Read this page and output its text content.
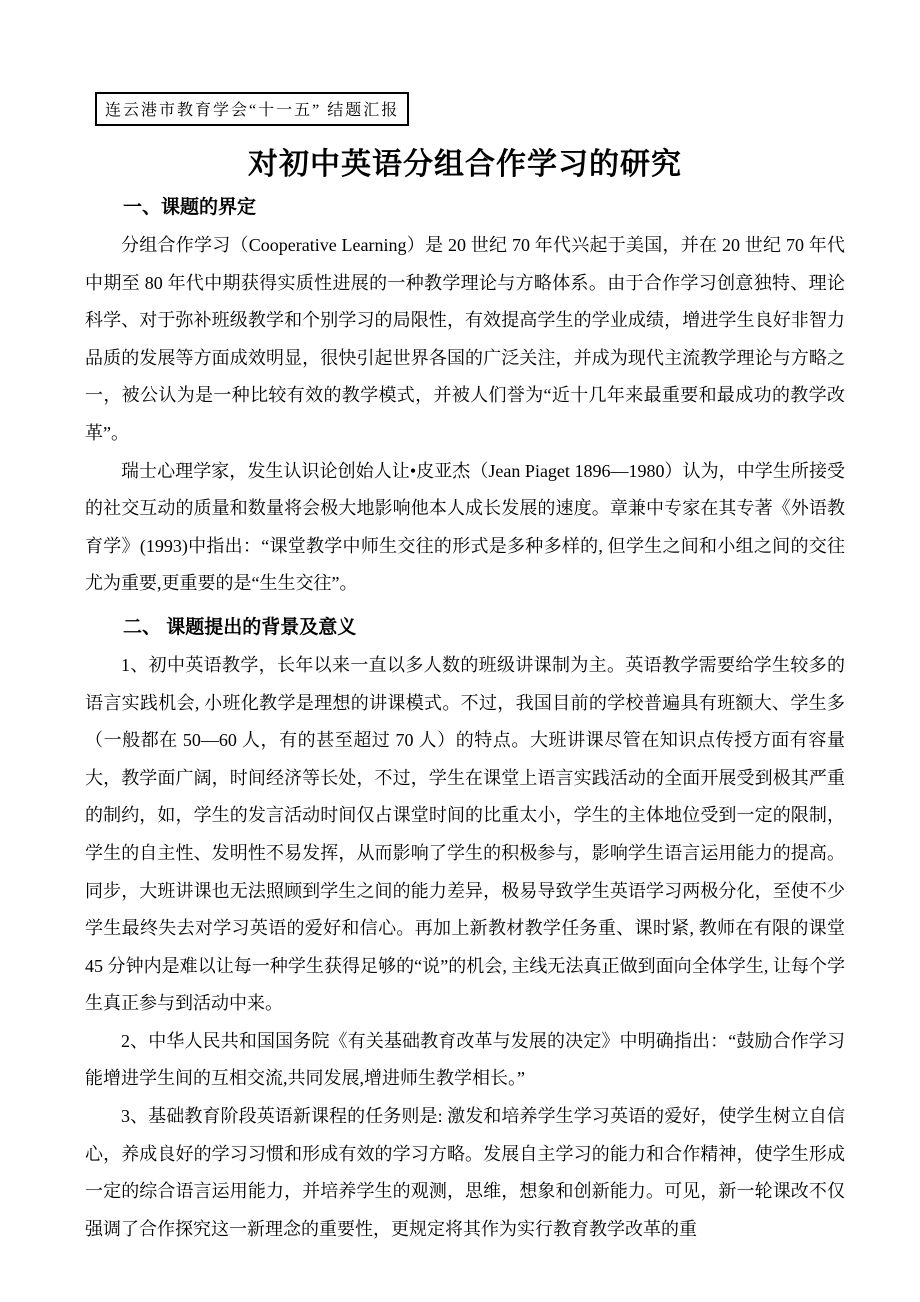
连云港市教育学会“十一五” 结题汇报
对初中英语分组合作学习的研究
一、课题的界定

分组合作学习（Cooperative Learning）是 20 世纪 70 年代兴起于美国，并在 20 世纪 70 年代中期至 80 年代中期获得实质性进展的一种教学理论与方略体系。由于合作学习创意独特、理论科学、对于弥补班级教学和个别学习的局限性，有效提高学生的学业成绩，增进学生良好非智力品质的发展等方面成效明显，很快引起世界各国的广泛关注，并成为现代主流教学理论与方略之一，被公认为是一种比较有效的教学模式，并被人们誉为“近十几年来最重要和最成功的教学改革”。

瑞士心理学家，发生认识论创始人让•皮亚杰（Jean Piaget 1896—1980）认为，中学生所接受的社交互动的质量和数量将会极大地影响他本人成长发展的速度。章兼中专家在其专著《外语教育学》(1993)中指出：“课堂教学中师生交往的形式是多种多样的, 但学生之间和小组之间的交往尤为重要,更重要的是“生生交往”。

二、 课题提出的背景及意义

1、初中英语教学，长年以来一直以多人数的班级讲课制为主。英语教学需要给学生较多的语言实践机会, 小班化教学是理想的讲课模式。不过，我国目前的学校普遍具有班额大、学生多（一般都在 50—60 人，有的甚至超过 70 人）的特点。大班讲课尽管在知识点传授方面有容量大，教学面广阔，时间经济等长处，不过，学生在课堂上语言实践活动的全面开展受到极其严重的制约，如，学生的发言活动时间仅占课堂时间的比重太小，学生的主体地位受到一定的限制，学生的自主性、发明性不易发挥，从而影响了学生的积极参与，影响学生语言运用能力的提高。同步，大班讲课也无法照顾到学生之间的能力差异，极易导致学生英语学习两极分化，至使不少学生最终失去对学习英语的爱好和信心。再加上新教材教学任务重、课时紧, 教师在有限的课堂 45 分钟内是难以让每一种学生获得足够的“说”的机会, 主线无法真正做到面向全体学生, 让每个学生真正参与到活动中来。

2、中华人民共和国国务院《有关基础教育改革与发展的决定》中明确指出：“鼓励合作学习能增进学生间的互相交流,共同发展,增进师生教学相长。”

3、基础教育阶段英语新课程的任务则是: 激发和培养学生学习英语的爱好，使学生树立自信心，养成良好的学习习惯和形成有效的学习方略。发展自主学习的能力和合作精神，使学生形成一定的综合语言运用能力，并培养学生的观测，思维，想象和创新能力。可见，新一轮课改不仅强调了合作探究这一新理念的重要性，更规定将其作为实行教育教学改革的重
